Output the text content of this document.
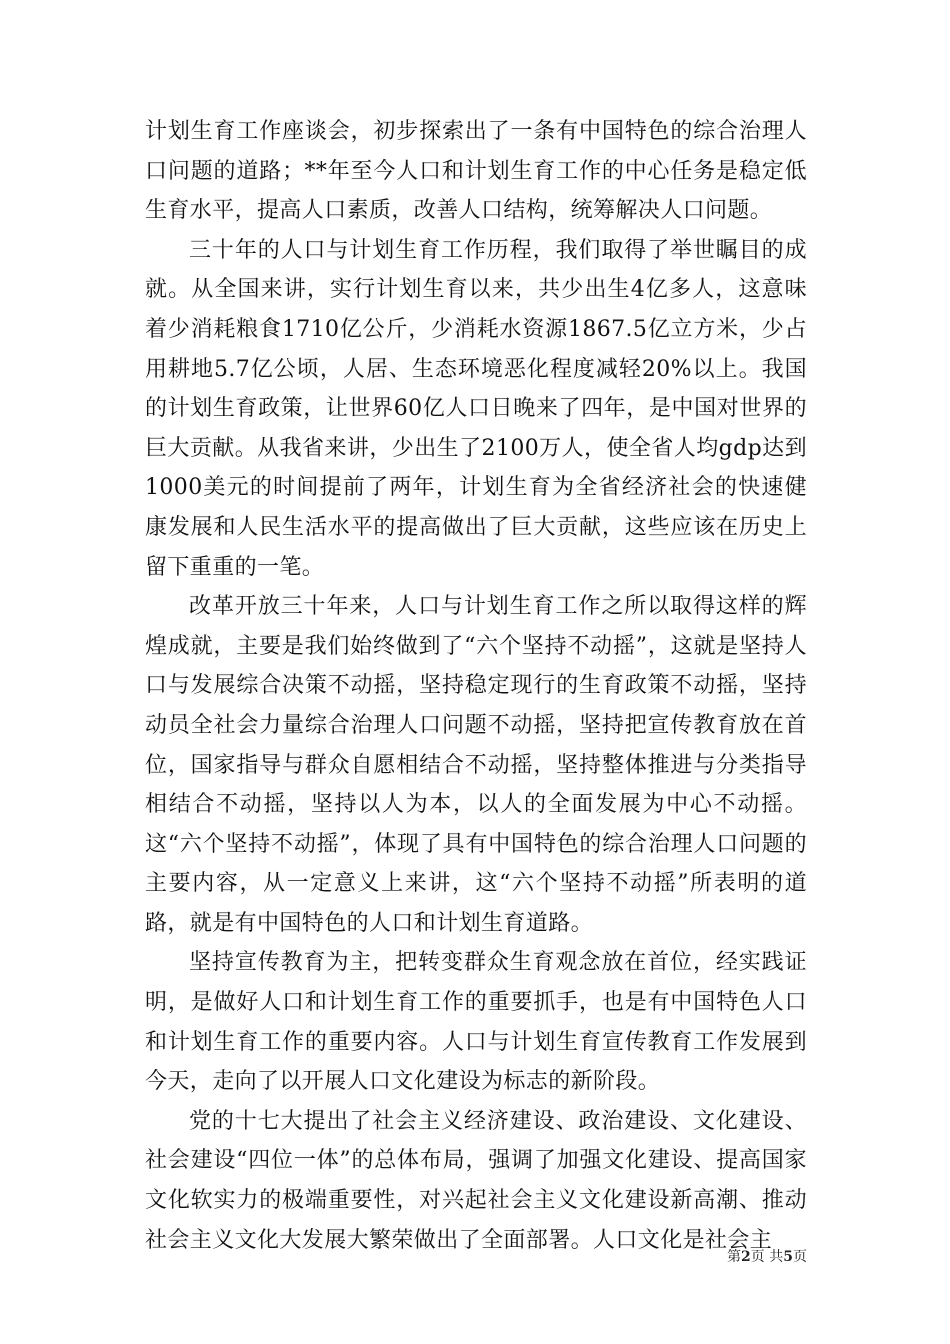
计划生育工作座谈会，初步探索出了一条有中国特色的综合治理人口问题的道路；**年至今人口和计划生育工作的中心任务是稳定低生育水平，提高人口素质，改善人口结构，统筹解决人口问题。

三十年的人口与计划生育工作历程，我们取得了举世瞩目的成就。从全国来讲，实行计划生育以来，共少出生4亿多人，这意味着少消耗粮食1710亿公斤，少消耗水资源1867.5亿立方米，少占用耕地5.7亿公顷，人居、生态环境恶化程度减轻20%以上。我国的计划生育政策，让世界60亿人口日晚来了四年，是中国对世界的巨大贡献。从我省来讲，少出生了2100万人，使全省人均gdp达到1000美元的时间提前了两年，计划生育为全省经济社会的快速健康发展和人民生活水平的提高做出了巨大贡献，这些应该在历史上留下重重的一笔。

改革开放三十年来，人口与计划生育工作之所以取得这样的辉煌成就，主要是我们始终做到了“六个坚持不动摇”，这就是坚持人口与发展综合决策不动摇，坚持稳定现行的生育政策不动摇，坚持动员全社会力量综合治理人口问题不动摇，坚持把宣传教育放在首位，国家指导与群众自愿相结合不动摇，坚持整体推进与分类指导相结合不动摇，坚持以人为本，以人的全面发展为中心不动摇。这“六个坚持不动摇”，体现了具有中国特色的综合治理人口问题的主要内容，从一定意义上来讲，这“六个坚持不动摇”所表明的道路，就是有中国特色的人口和计划生育道路。

坚持宣传教育为主，把转变群众生育观念放在首位，经实践证明，是做好人口和计划生育工作的重要抓手，也是有中国特色人口和计划生育工作的重要内容。人口与计划生育宣传教育工作发展到今天，走向了以开展人口文化建设为标志的新阶段。

党的十七大提出了社会主义经济建设、政治建设、文化建设、社会建设“四位一体”的总体布局，强调了加强文化建设、提高国家文化软实力的极端重要性，对兴起社会主义文化建设新高潮、推动社会主义文化大发展大繁荣做出了全面部署。人口文化是社会主

第2页 共5页
